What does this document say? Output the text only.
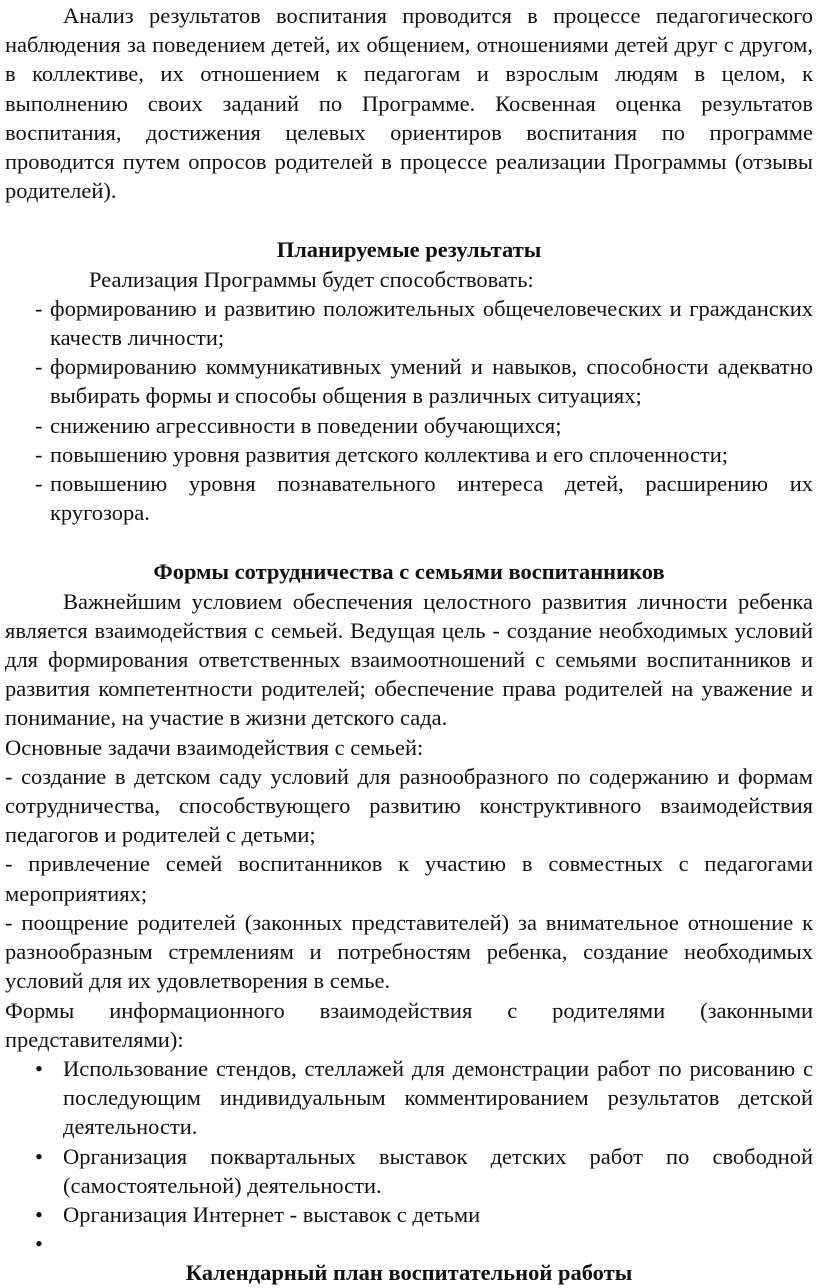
Анализ результатов воспитания проводится в процессе педагогического наблюдения за поведением детей, их общением, отношениями детей друг с другом, в коллективе, их отношением к педагогам и взрослым людям в целом, к выполнению своих заданий по Программе. Косвенная оценка результатов воспитания, достижения целевых ориентиров воспитания по программе проводится путем опросов родителей в процессе реализации Программы (отзывы родителей).

Планируемые результаты

Реализация Программы будет способствовать:

- формированию и развитию положительных общечеловеческих и гражданских качеств личности;
- формированию коммуникативных умений и навыков, способности адекватно выбирать формы и способы общения в различных ситуациях;
- снижению агрессивности в поведении обучающихся;
- повышению уровня развития детского коллектива и его сплоченности;
- повышению уровня познавательного интереса детей, расширению их кругозора.

Формы сотрудничества с семьями воспитанников

Важнейшим условием обеспечения целостного развития личности ребенка является взаимодействия с семьей. Ведущая цель - создание необходимых условий для формирования ответственных взаимоотношений с семьями воспитанников и развития компетентности родителей; обеспечение права родителей на уважение и понимание, на участие в жизни детского сада.

Основные задачи взаимодействия с семьей:

- создание в детском саду условий для разнообразного по содержанию и формам сотрудничества, способствующего развитию конструктивного взаимодействия педагогов и родителей с детьми;

- привлечение семей воспитанников к участию в совместных с педагогами мероприятиях;

- поощрение родителей (законных представителей) за внимательное отношение к разнообразным стремлениям и потребностям ребенка, создание необходимых условий для их удовлетворения в семье.

Формы информационного взаимодействия с родителями (законными представителями):

• Использование стендов, стеллажей для демонстрации работ по рисованию с последующим индивидуальным комментированием результатов детской деятельности.
• Организация поквартальных выставок детских работ по свободной (самостоятельной) деятельности.
• Организация Интернет - выставок с детьми
•

Календарный план воспитательной работы
